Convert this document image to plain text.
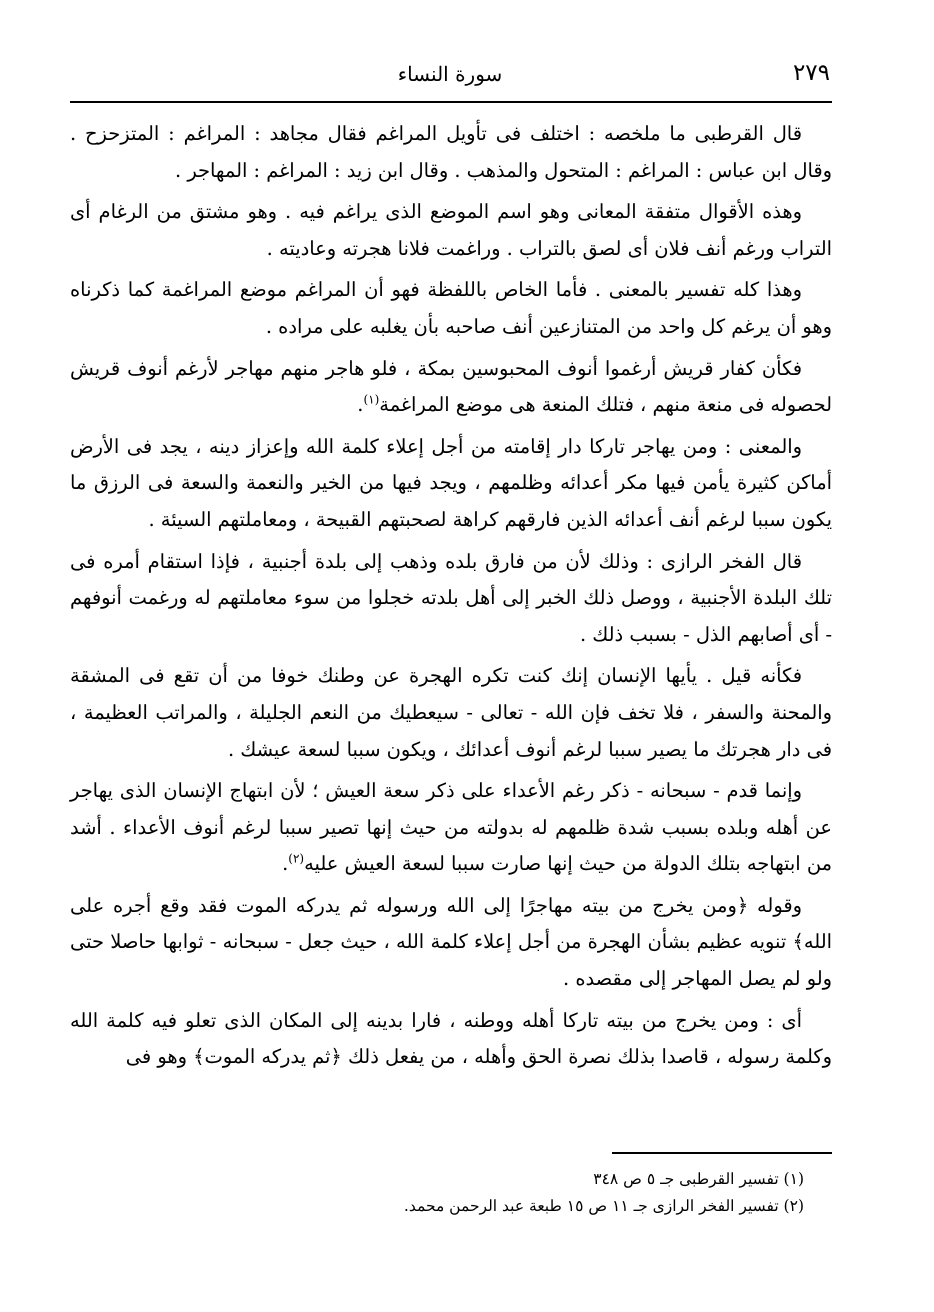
٢٧٩
سورة النساء

قال القرطبى ما ملخصه : اختلف فى تأويل المراغم فقال مجاهد : المراغم : المتزحزح . وقال ابن عباس : المراغم : المتحول والمذهب . وقال ابن زيد : المراغم : المهاجر .

وهذه الأقوال متفقة المعانى وهو اسم الموضع الذى يراغم فيه . وهو مشتق من الرغام أى التراب ورغم أنف فلان أى لصق بالتراب . وراغمت فلانا هجرته وعاديته .

وهذا كله تفسير بالمعنى . فأما الخاص باللفظة فهو أن المراغم موضع المراغمة كما ذكرناه وهو أن يرغم كل واحد من المتنازعين أنف صاحبه بأن يغلبه على مراده .

فكأن كفار قريش أرغموا أنوف المحبوسين بمكة ، فلو هاجر منهم مهاجر لأرغم أنوف قريش لحصوله فى منعة منهم ، فتلك المنعة هى موضع المراغمة$^{(١)}$.

والمعنى : ومن يهاجر تاركا دار إقامته من أجل إعلاء كلمة الله وإعزاز دينه ، يجد فى الأرض أماكن كثيرة يأمن فيها مكر أعدائه وظلمهم ، ويجد فيها من الخير والنعمة والسعة فى الرزق ما يكون سببا لرغم أنف أعدائه الذين فارقهم كراهة لصحبتهم القبيحة ، ومعاملتهم السيئة .

قال الفخر الرازى : وذلك لأن من فارق بلده وذهب إلى بلدة أجنبية ، فإذا استقام أمره فى تلك البلدة الأجنبية ، ووصل ذلك الخبر إلى أهل بلدته خجلوا من سوء معاملتهم له ورغمت أنوفهم - أى أصابهم الذل - بسبب ذلك .

فكأنه قيل . يأيها الإنسان إنك كنت تكره الهجرة عن وطنك خوفا من أن تقع فى المشقة والمحنة والسفر ، فلا تخف فإن الله - تعالى - سيعطيك من النعم الجليلة ، والمراتب العظيمة ، فى دار هجرتك ما يصير سببا لرغم أنوف أعدائك ، ويكون سببا لسعة عيشك .

وإنما قدم - سبحانه - ذكر رغم الأعداء على ذكر سعة العيش ؛ لأن ابتهاج الإنسان الذى يهاجر عن أهله وبلده بسبب شدة ظلمهم له بدولته من حيث إنها تصير سببا لرغم أنوف الأعداء . أشد من ابتهاجه بتلك الدولة من حيث إنها صارت سببا لسعة العيش عليه$^{(٢)}$.

وقوله ﴿ومن يخرج من بيته مهاجرًا إلى الله ورسوله ثم يدركه الموت فقد وقع أجره على الله﴾ تنويه عظيم بشأن الهجرة من أجل إعلاء كلمة الله ، حيث جعل - سبحانه - ثوابها حاصلا حتى ولو لم يصل المهاجر إلى مقصده .

أى : ومن يخرج من بيته تاركا أهله ووطنه ، فارا بدينه إلى المكان الذى تعلو فيه كلمة الله وكلمة رسوله ، قاصدا بذلك نصرة الحق وأهله ، من يفعل ذلك ﴿ثم يدركه الموت﴾ وهو فى

(١) تفسير القرطبى جـ ٥ ص ٣٤٨
(٢) تفسير الفخر الرازى جـ ١١ ص ١٥ طبعة عبد الرحمن محمد.
